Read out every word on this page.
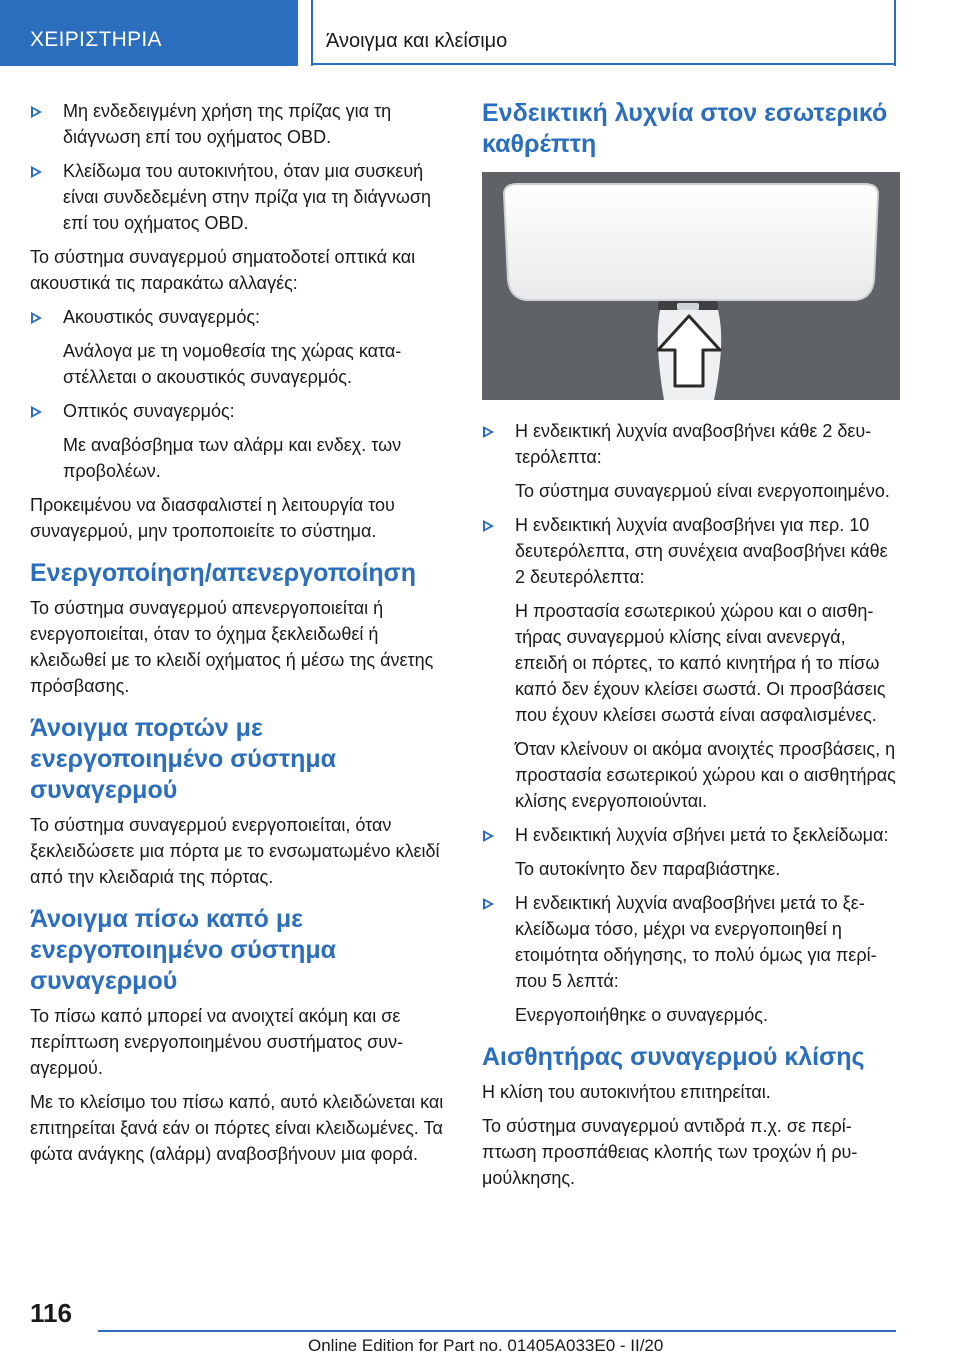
ΧΕΙΡΙΣΤΗΡΙΑ	Άνοιγμα και κλείσιμο
Μη ενδεδειγμένη χρήση της πρίζας για τη διάγνωση επί του οχήματος OBD.
Κλείδωμα του αυτοκινήτου, όταν μια συσκευή είναι συνδεδεμένη στην πρίζα για τη διάγνωση επί του οχήματος OBD.
Το σύστημα συναγερμού σηματοδοτεί οπτικά και ακουστικά τις παρακάτω αλλαγές:
Ακουστικός συναγερμός:
Ανάλογα με τη νομοθεσία της χώρας καταστέλλεται ο ακουστικός συναγερμός.
Οπτικός συναγερμός:
Με αναβόσβημα των αλάρμ και ενδεχ. των προβολέων.
Προκειμένου να διασφαλιστεί η λειτουργία του συναγερμού, μην τροποποιείτε το σύστημα.
Ενεργοποίηση/απενεργοποίηση
Το σύστημα συναγερμού απενεργοποιείται ή ενεργοποιείται, όταν το όχημα ξεκλειδωθεί ή κλειδωθεί με το κλειδί οχήματος ή μέσω της άνετης πρόσβασης.
Άνοιγμα πορτών με ενεργοποιημένο σύστημα συναγερμού
Το σύστημα συναγερμού ενεργοποιείται, όταν ξεκλειδώσετε μια πόρτα με το ενσωματωμένο κλειδί από την κλειδαριά της πόρτας.
Άνοιγμα πίσω καπό με ενεργοποιημένο σύστημα συναγερμού
Το πίσω καπό μπορεί να ανοιχτεί ακόμη και σε περίπτωση ενεργοποιημένου συστήματος συναγερμού.
Με το κλείσιμο του πίσω καπό, αυτό κλειδώνεται και επιτηρείται ξανά εάν οι πόρτες είναι κλειδωμένες. Τα φώτα ανάγκης (αλάρμ) αναβοσβήνουν μια φορά.
Ενδεικτική λυχνία στον εσωτερικό καθρέπτη
Η ενδεικτική λυχνία αναβοσβήνει κάθε 2 δευτερόλεπτα:
Το σύστημα συναγερμού είναι ενεργοποιημένο.
Η ενδεικτική λυχνία αναβοσβήνει για περ. 10 δευτερόλεπτα, στη συνέχεια αναβοσβήνει κάθε 2 δευτερόλεπτα:
Η προστασία εσωτερικού χώρου και ο αισθητήρας συναγερμού κλίσης είναι ανενεργά, επειδή οι πόρτες, το καπό κινητήρα ή το πίσω καπό δεν έχουν κλείσει σωστά. Οι προσβάσεις που έχουν κλείσει σωστά είναι ασφαλισμένες.
Όταν κλείνουν οι ακόμα ανοιχτές προσβάσεις, η προστασία εσωτερικού χώρου και ο αισθητήρας κλίσης ενεργοποιούνται.
Η ενδεικτική λυχνία σβήνει μετά το ξεκλείδωμα:
Το αυτοκίνητο δεν παραβιάστηκε.
Η ενδεικτική λυχνία αναβοσβήνει μετά το ξεκλείδωμα τόσο, μέχρι να ενεργοποιηθεί η ετοιμότητα οδήγησης, το πολύ όμως για περίπου 5 λεπτά:
Ενεργοποιήθηκε ο συναγερμός.
Αισθητήρας συναγερμού κλίσης
Η κλίση του αυτοκινήτου επιτηρείται.
Το σύστημα συναγερμού αντιδρά π.χ. σε περίπτωση προσπάθειας κλοπής των τροχών ή ρυμούλκησης.
116
Online Edition for Part no. 01405A033E0 - II/20
